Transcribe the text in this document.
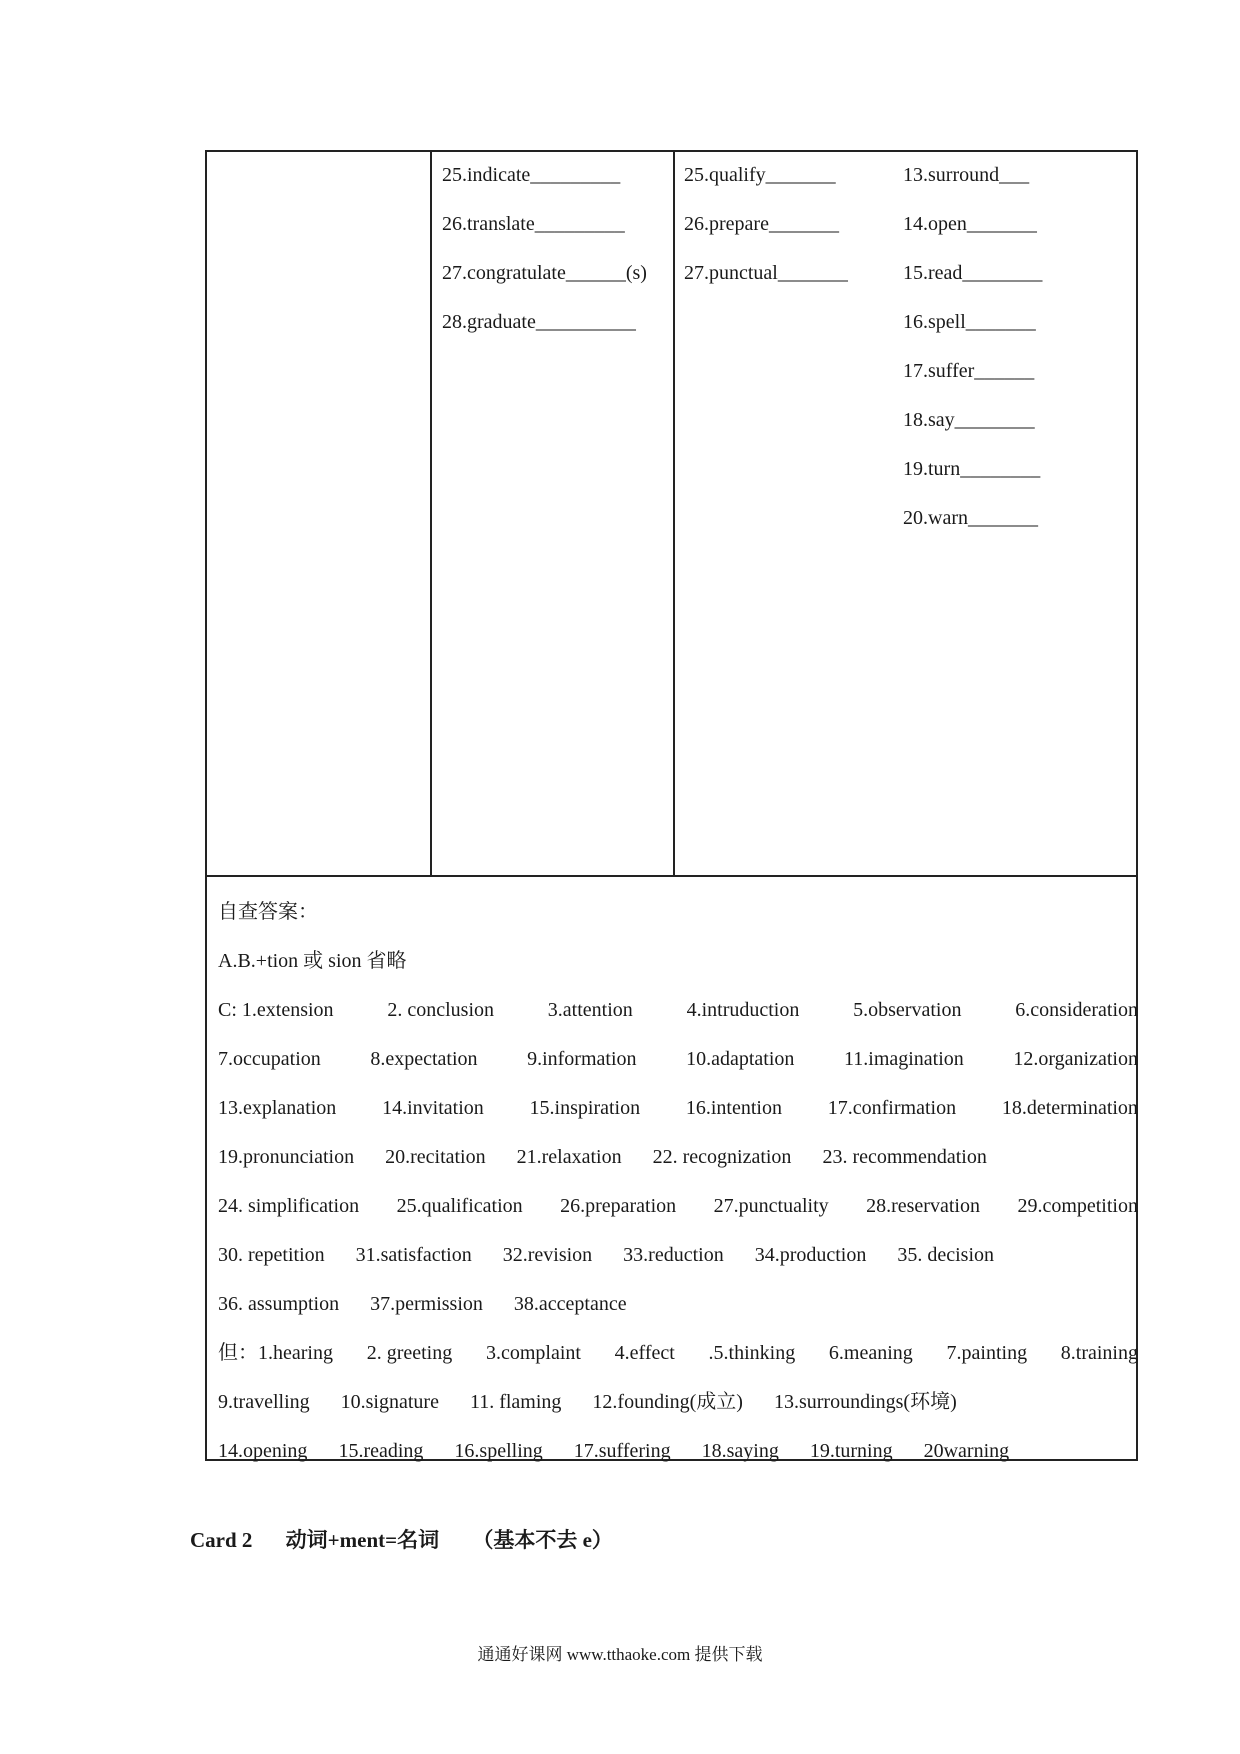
25.indicate_________
26.translate_________
27.congratulate______(s)
28.graduate__________
25.qualify_______
26.prepare_______
27.punctual_______
13.surround___
14.open_______
15.read________
16.spell_______
17.suffer______
18.say________
19.turn________
20.warn_______
自查答案：
A.B.+tion 或 sion 省略
C: 1.extension	2. conclusion	3.attention	4.intruduction	5.observation	6.consideration
7.occupation 8.expectation 9.information 10.adaptation 11.imagination 12.organization
13.explanation 14.invitation 15.inspiration 16.intention 17.confirmation 18.determination
19.pronunciation 20.recitation 21.relaxation 22. recognization 23. recommendation
24. simplification 25.qualification 26.preparation 27.punctuality 28.reservation 29.competition
30. repetition 31.satisfaction 32.revision 33.reduction 34.production 35. decision
36. assumption 37.permission 38.acceptance
但：1.hearing 2. greeting 3.complaint 4.effect .5.thinking 6.meaning 7.painting 8.training
9.travelling 10.signature 11. flaming 12.founding(成立) 13.surroundings(环境)
14.opening 15.reading 16.spelling 17.suffering 18.saying 19.turning 20warning
Card 2 动词+ment=名词 （基本不去 e）
通通好课网 www.tthaoke.com 提供下载
